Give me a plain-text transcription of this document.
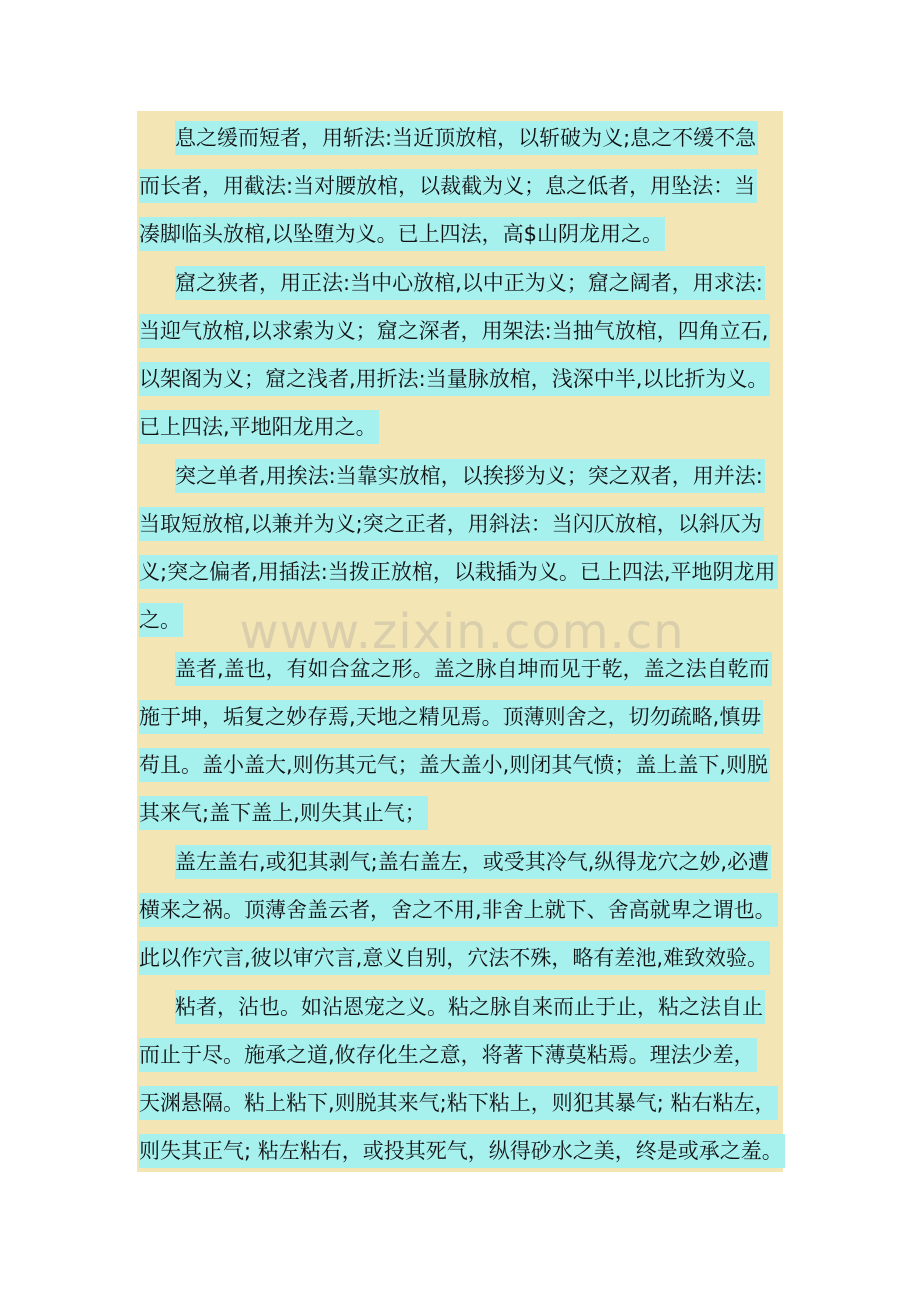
息之缓而短者，用斩法:当近顶放棺，以斩破为义;息之不缓不急
而长者，用截法:当对腰放棺，以裁截为义；息之低者，用坠法：当
凑脚临头放棺,以坠堕为义。已上四法，高$山阴龙用之。
窟之狭者，用正法:当中心放棺,以中正为义；窟之阔者，用求法:
当迎气放棺,以求索为义；窟之深者，用架法:当抽气放棺，四角立石,
以架阁为义；窟之浅者,用折法:当量脉放棺，浅深中半,以比折为义。
已上四法,平地阳龙用之。
突之单者,用挨法:当靠实放棺，以挨拶为义；突之双者，用并法:
当取短放棺,以兼并为义;突之正者，用斜法：当闪仄放棺，以斜仄为
义;突之偏者,用插法:当拨正放棺，以栽插为义。已上四法,平地阴龙用
之。
盖者,盖也，有如合盆之形。盖之脉自坤而见于乾，盖之法自乾而
施于坤，垢复之妙存焉,天地之精见焉。顶薄则舍之，切勿疏略,慎毋
苟且。盖小盖大,则伤其元气；盖大盖小,则闭其气愤；盖上盖下,则脱
其来气;盖下盖上,则失其止气；
盖左盖右,或犯其剥气;盖右盖左，或受其冷气,纵得龙穴之妙,必遭
横来之祸。顶薄舍盖云者，舍之不用,非舍上就下、舍高就卑之谓也。
此以作穴言,彼以审穴言,意义自别，穴法不殊，略有差池,难致效验。
粘者，沾也。如沾恩宠之义。粘之脉自来而止于止，粘之法自止
而止于尽。施承之道,攸存化生之意，将著下薄莫粘焉。理法少差，
天渊悬隔。粘上粘下,则脱其来气;粘下粘上，则犯其暴气; 粘右粘左，
则失其正气; 粘左粘右，或投其死气，纵得砂水之美，终是或承之羞。
www.zixin.com.cn
